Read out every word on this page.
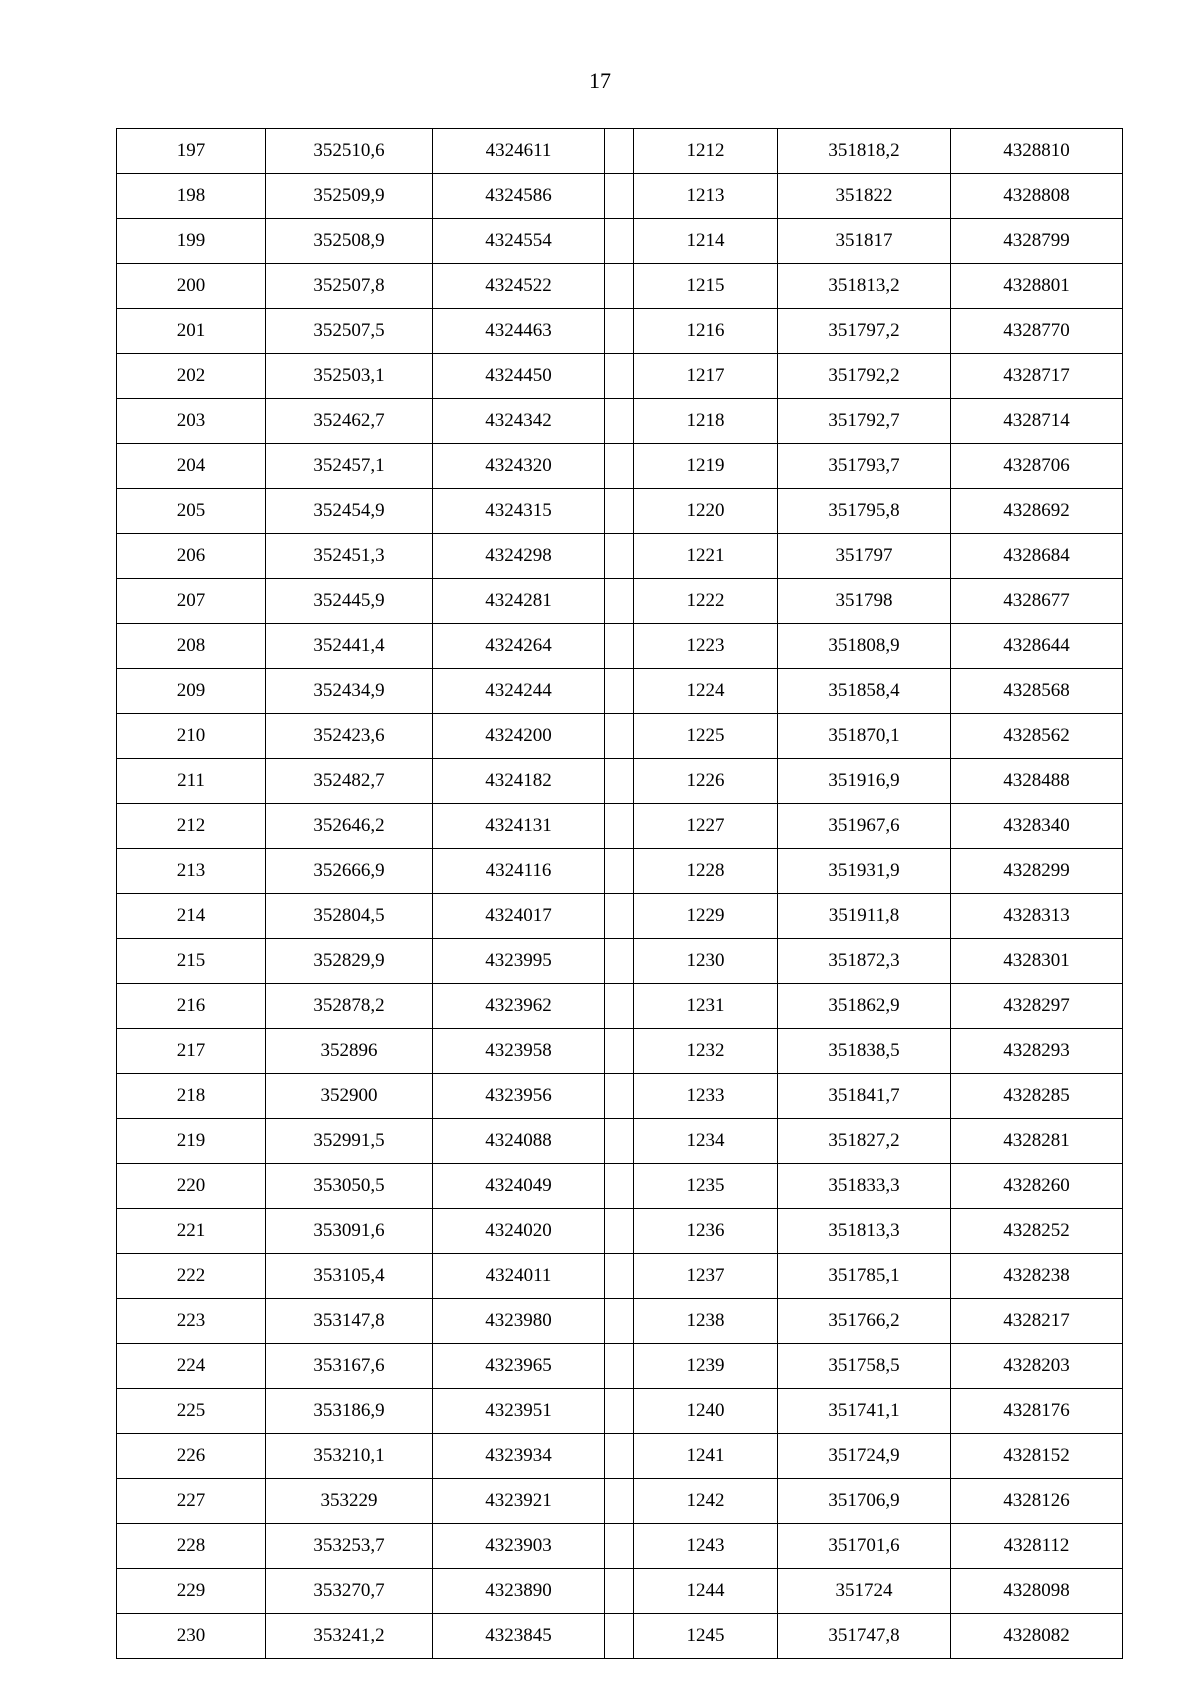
17
197	352510,6	4324611		1212	351818,2	4328810
198	352509,9	4324586		1213	351822	4328808
199	352508,9	4324554		1214	351817	4328799
200	352507,8	4324522		1215	351813,2	4328801
201	352507,5	4324463		1216	351797,2	4328770
202	352503,1	4324450		1217	351792,2	4328717
203	352462,7	4324342		1218	351792,7	4328714
204	352457,1	4324320		1219	351793,7	4328706
205	352454,9	4324315		1220	351795,8	4328692
206	352451,3	4324298		1221	351797	4328684
207	352445,9	4324281		1222	351798	4328677
208	352441,4	4324264		1223	351808,9	4328644
209	352434,9	4324244		1224	351858,4	4328568
210	352423,6	4324200		1225	351870,1	4328562
211	352482,7	4324182		1226	351916,9	4328488
212	352646,2	4324131		1227	351967,6	4328340
213	352666,9	4324116		1228	351931,9	4328299
214	352804,5	4324017		1229	351911,8	4328313
215	352829,9	4323995		1230	351872,3	4328301
216	352878,2	4323962		1231	351862,9	4328297
217	352896	4323958		1232	351838,5	4328293
218	352900	4323956		1233	351841,7	4328285
219	352991,5	4324088		1234	351827,2	4328281
220	353050,5	4324049		1235	351833,3	4328260
221	353091,6	4324020		1236	351813,3	4328252
222	353105,4	4324011		1237	351785,1	4328238
223	353147,8	4323980		1238	351766,2	4328217
224	353167,6	4323965		1239	351758,5	4328203
225	353186,9	4323951		1240	351741,1	4328176
226	353210,1	4323934		1241	351724,9	4328152
227	353229	4323921		1242	351706,9	4328126
228	353253,7	4323903		1243	351701,6	4328112
229	353270,7	4323890		1244	351724	4328098
230	353241,2	4323845		1245	351747,8	4328082
